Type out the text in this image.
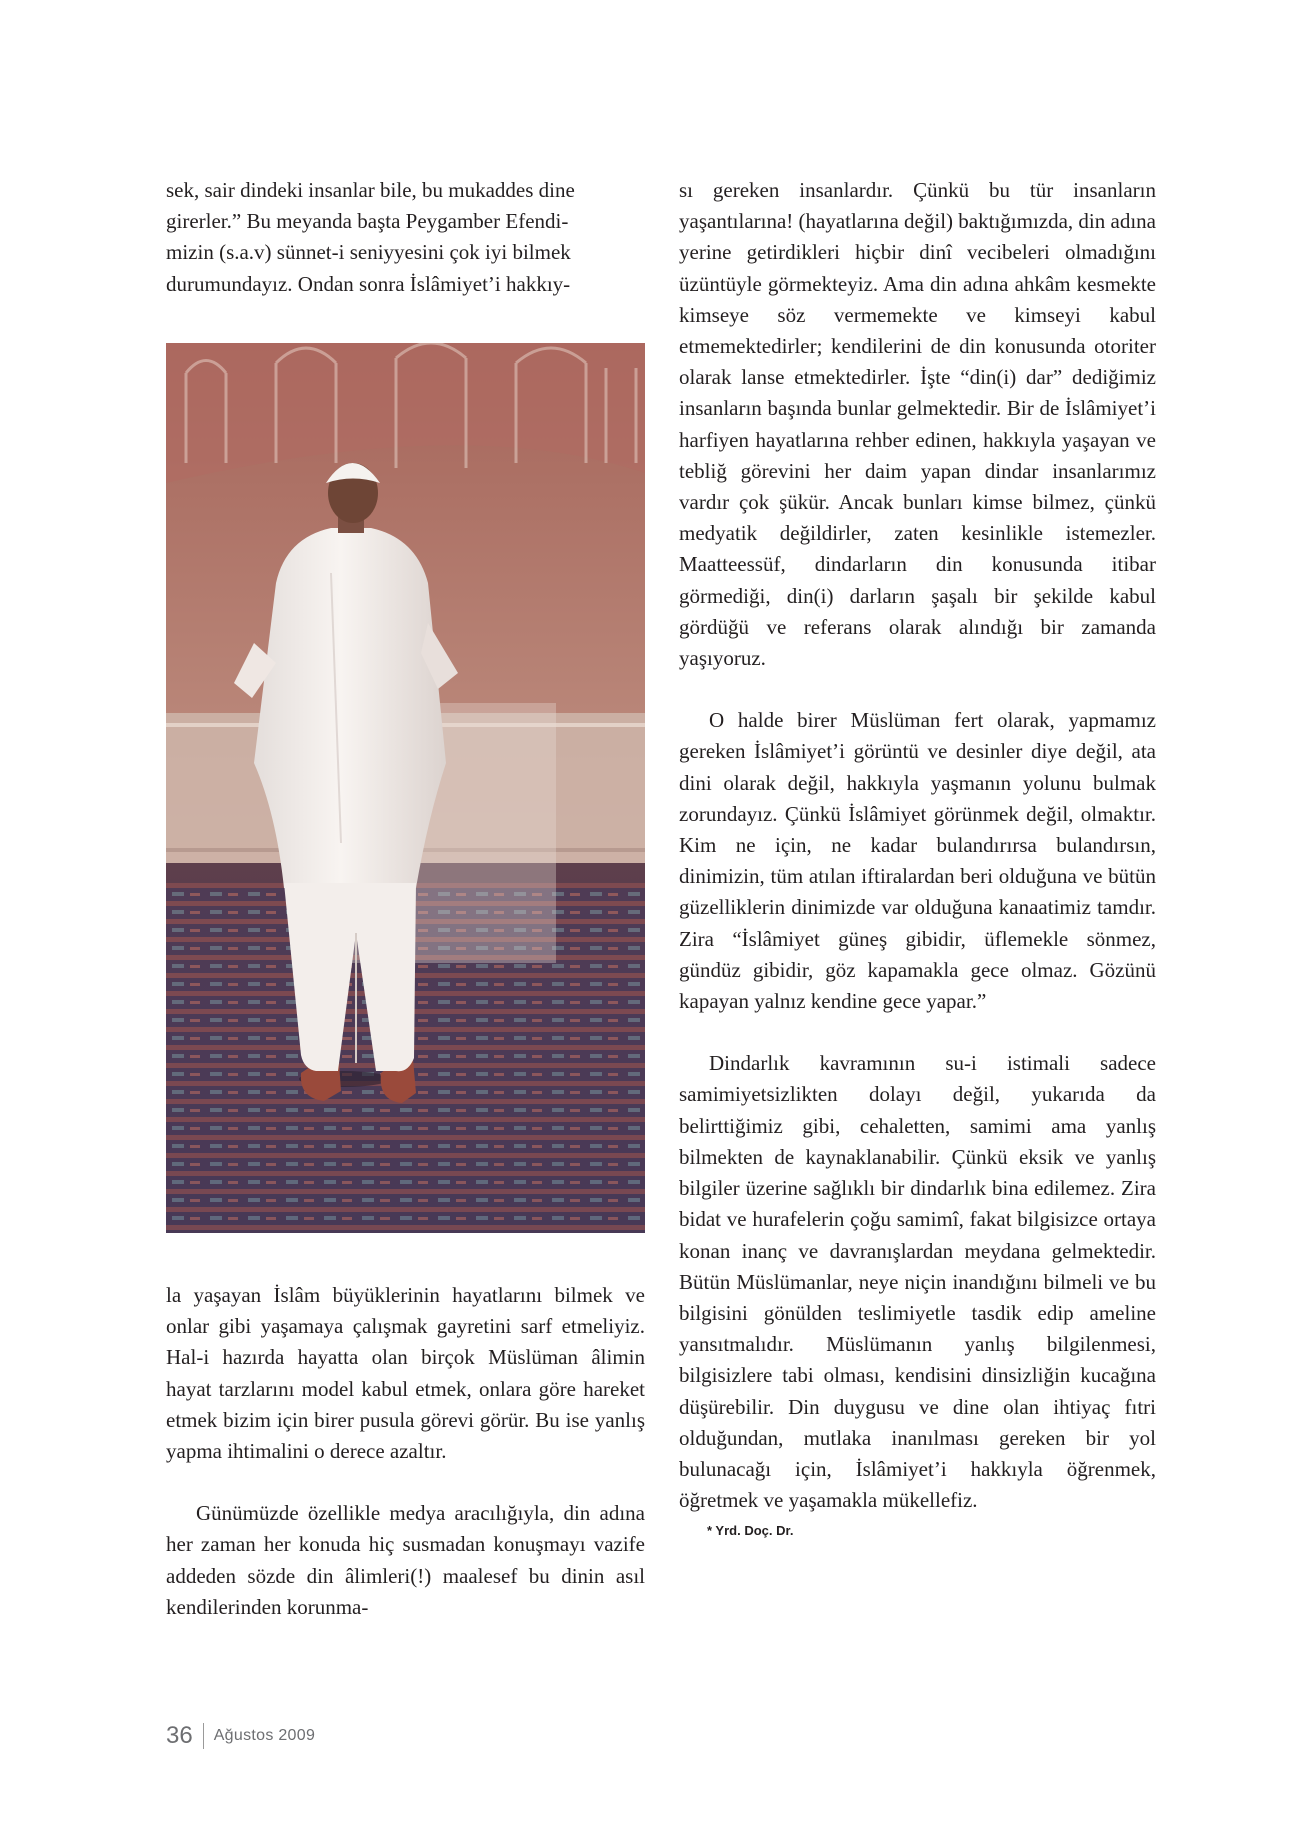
sek, sair dindeki insanlar bile, bu mukaddes dine

girerler.” Bu meyanda başta Peygamber Efendi-

mizin (s.a.v) sünnet-i seniyyesini çok iyi bilmek

durumundayız. Ondan sonra İslâmiyet’i hakkıy-

la yaşayan İslâm büyüklerinin hayatlarını bilmek ve onlar gibi yaşamaya çalışmak gayretini sarf etmeliyiz. Hal-i hazırda hayatta olan birçok Müslüman âlimin hayat tarzlarını model kabul etmek, onlara göre hareket etmek bizim için birer pusula görevi görür. Bu ise yanlış yapma ihtimalini o derece azaltır.

Günümüzde özellikle medya aracılığıyla, din adına her zaman her konuda hiç susmadan konuşmayı vazife addeden sözde din âlimleri(!) maalesef bu dinin asıl kendilerinden korunma-

sı gereken insanlardır. Çünkü bu tür insanların yaşantılarına! (hayatlarına değil) baktığımızda, din adına yerine getirdikleri hiçbir dinî vecibeleri olmadığını üzüntüyle görmekteyiz. Ama din adına ahkâm kesmekte kimseye söz vermemekte ve kimseyi kabul etmemektedirler; kendilerini de din konusunda otoriter olarak lanse etmektedirler. İşte “din(i) dar” dediğimiz insanların başında bunlar gelmektedir. Bir de İslâmiyet’i harfiyen hayatlarına rehber edinen, hakkıyla yaşayan ve tebliğ görevini her daim yapan dindar insanlarımız vardır çok şükür. Ancak bunları kimse bilmez, çünkü medyatik değildirler, zaten kesinlikle istemezler. Maatteessüf, dindarların din konusunda itibar görmediği, din(i) darların şaşalı bir şekilde kabul gördüğü ve referans olarak alındığı bir zamanda yaşıyoruz.

O halde birer Müslüman fert olarak, yapmamız gereken İslâmiyet’i görüntü ve desinler diye değil, ata dini olarak değil, hakkıyla yaşmanın yolunu bulmak zorundayız. Çünkü İslâmiyet görünmek değil, olmaktır. Kim ne için, ne kadar bulandırırsa bulandırsın, dinimizin, tüm atılan iftiralardan beri olduğuna ve bütün güzelliklerin dinimizde var olduğuna kanaatimiz tamdır. Zira “İslâmiyet güneş gibidir, üflemekle sönmez, gündüz gibidir, göz kapamakla gece olmaz. Gözünü kapayan yalnız kendine gece yapar.”

Dindarlık kavramının su-i istimali sadece samimiyetsizlikten dolayı değil, yukarıda da belirttiğimiz gibi, cehaletten, samimi ama yanlış bilmekten de kaynaklanabilir. Çünkü eksik ve yanlış bilgiler üzerine sağlıklı bir dindarlık bina edilemez. Zira bidat ve hurafelerin çoğu samimî, fakat bilgisizce ortaya konan inanç ve davranışlardan meydana gelmektedir. Bütün Müslümanlar, neye niçin inandığını bilmeli ve bu bilgisini gönülden teslimiyetle tasdik edip ameline yansıtmalıdır. Müslümanın yanlış bilgilenmesi, bilgisizlere tabi olması, kendisini dinsizliğin kucağına düşürebilir. Din duygusu ve dine olan ihtiyaç fıtri olduğundan, mutlaka inanılması gereken bir yol bulunacağı için, İslâmiyet’i hakkıyla öğrenmek, öğretmek ve yaşamakla mükellefiz.

* Yrd. Doç. Dr.
36 Ağustos 2009
